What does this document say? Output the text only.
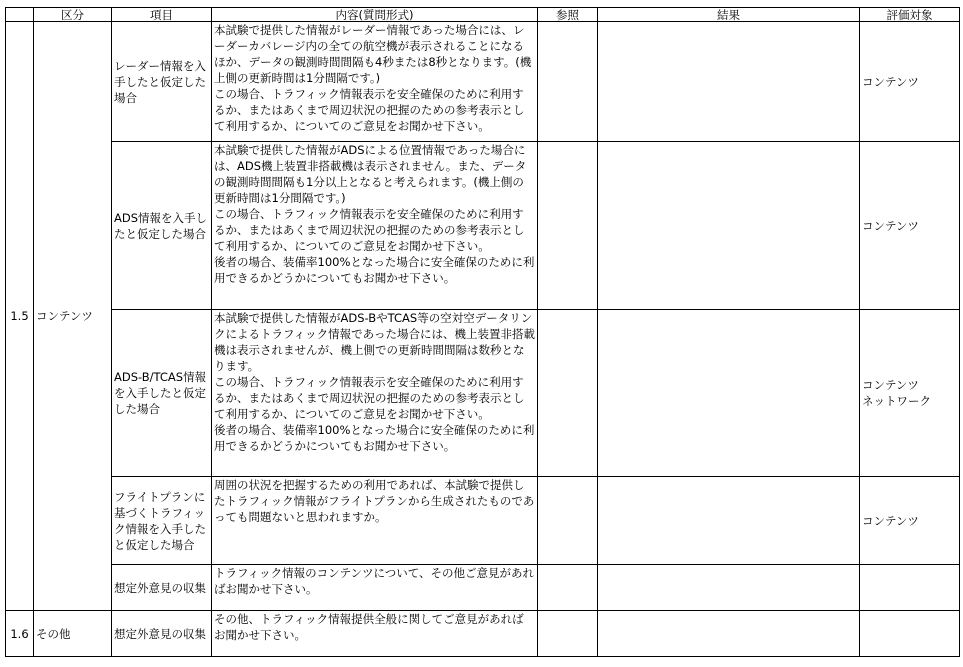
	区分	項目	内容(質問形式)	参照	結果	評価対象
1.5	コンテンツ	レーダー情報を入手したと仮定した場合	本試験で提供した情報がレーダー情報であった場合には、レーダーカバレージ内の全ての航空機が表示されることになるほか、データの観測時間間隔も4秒または8秒となります。(機上側の更新時間は1分間隔です。)
この場合、トラフィック情報表示を安全確保のために利用するか、またはあくまで周辺状況の把握のための参考表示として利用するか、についてのご意見をお聞かせ下さい。			コンテンツ
		ADS情報を入手したと仮定した場合	本試験で提供した情報がADSによる位置情報であった場合には、ADS機上装置非搭載機は表示されません。また、データの観測時間間隔も1分以上となると考えられます。(機上側の更新時間は1分間隔です。)
この場合、トラフィック情報表示を安全確保のために利用するか、またはあくまで周辺状況の把握のための参考表示として利用するか、についてのご意見をお聞かせ下さい。
後者の場合、装備率100%となった場合に安全確保のために利用できるかどうかについてもお聞かせ下さい。			コンテンツ
		ADS-B/TCAS情報を入手したと仮定した場合	本試験で提供した情報がADS-BやTCAS等の空対空データリンクによるトラフィック情報であった場合には、機上装置非搭載機は表示されませんが、機上側での更新時間間隔は数秒となります。
この場合、トラフィック情報表示を安全確保のために利用するか、またはあくまで周辺状況の把握のための参考表示として利用するか、についてのご意見をお聞かせ下さい。
後者の場合、装備率100%となった場合に安全確保のために利用できるかどうかについてもお聞かせ下さい。			コンテンツ
ネットワーク
		フライトプランに基づくトラフィック情報を入手したと仮定した場合	周囲の状況を把握するための利用であれば、本試験で提供したトラフィック情報がフライトプランから生成されたものであっても問題ないと思われますか。			コンテンツ
		想定外意見の収集	トラフィック情報のコンテンツについて、その他ご意見があればお聞かせ下さい。			
1.6	その他	想定外意見の収集	その他、トラフィック情報提供全般に関してご意見があればお聞かせ下さい。			
